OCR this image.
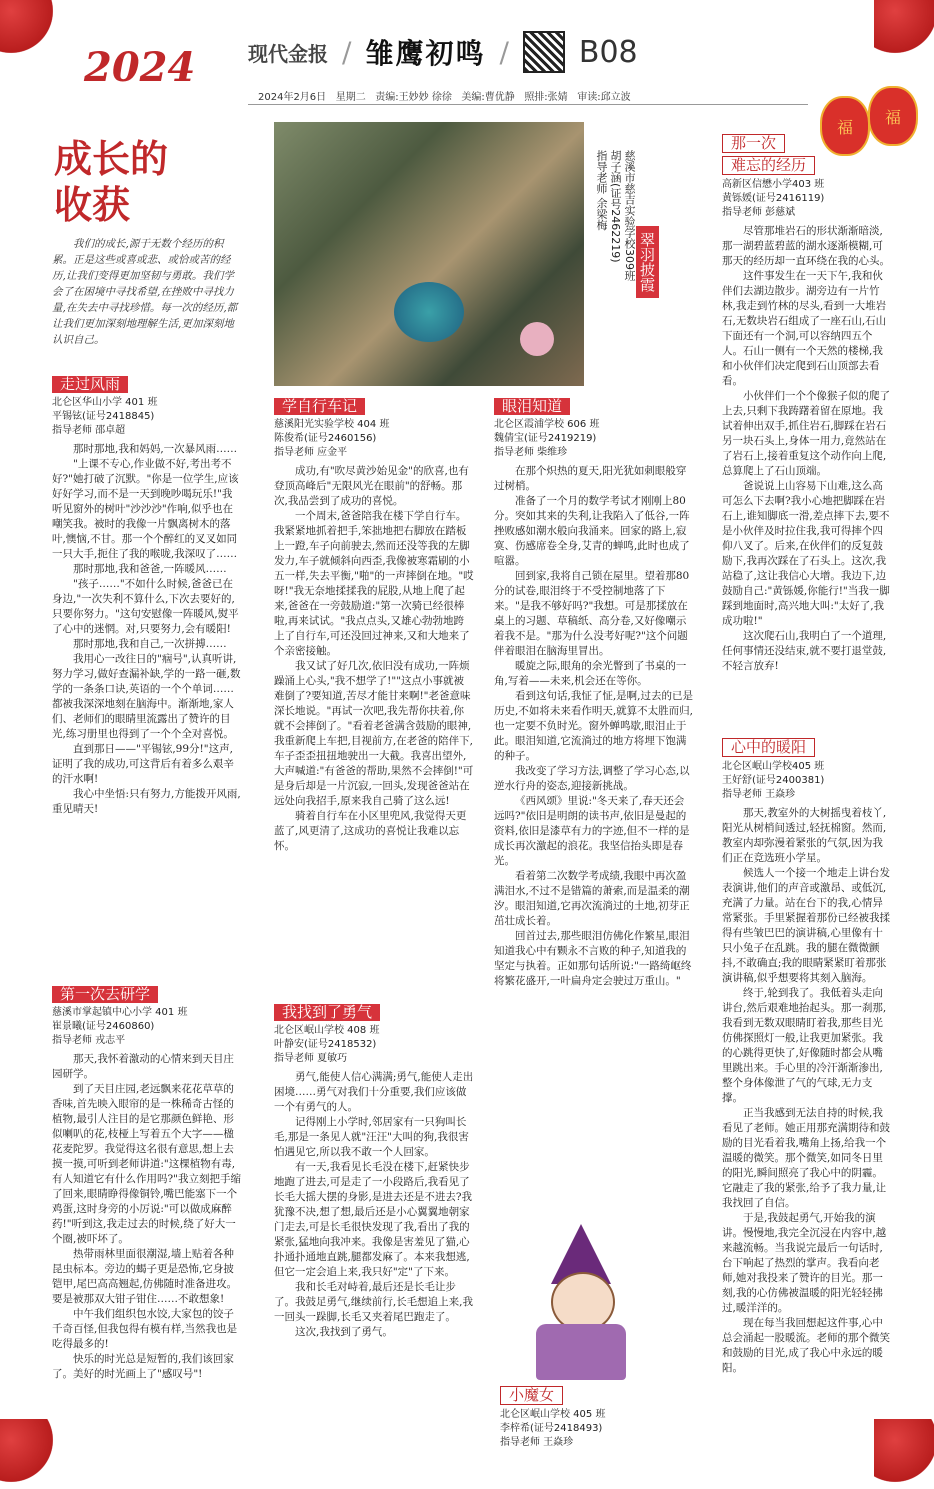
2024
福
福
现代金报 / 雏鹰初鸣 / B08
2024年2月6日 星期二 责编:王妙妙 徐徐 美编:曹优静 照排:张婧 审读:邱立波
成长的
收获
我们的成长,源于无数个经历的积累。正是这些或喜或悲、或恰或苦的经历,让我们变得更加坚韧与勇敢。我们学会了在困境中寻找希望,在挫败中寻找力量,在失去中寻找珍惜。每一次的经历,都让我们更加深刻地理解生活,更加深刻地认识自己。
走过风雨
北仑区华山小学 401 班
平锡铉(证号2418845)
指导老师 邵卓超

那时那地,我和妈妈,一次暴风雨……

"上课不专心,作业做不好,考出考不好?"她打破了沉默。"你是一位学生,应该好好学习,而不是一天到晚吵喝玩乐!"我听见窗外的树叶"沙沙沙"作响,似乎也在嘲笑我。被时的我像一片飘离树木的落叶,懊恼,不甘。那一个个醉红的叉叉如同一只大手,扼住了我的喉咙,我深叹了……

那时那地,我和爸爸,一阵暖风……

"孩子……"不如什么时候,爸爸已在身边,"一次失利不算什么,下次去要好的,只要你努力。"这句安慰像一阵暖风,熨平了心中的迷惘。对,只要努力,会有暖阳!

那时那地,我和自己,一次拼搏……

我用心一改往日的"痼号",认真听讲,努力学习,做好查漏补缺,学的一路一砸,数学的一条条口诀,英语的一个个单词……都被我深深地刻在脑海中。渐渐地,家人们、老师们的眼睛里流露出了赞许的目光,练习册里也得到了一个个全对喜悦。

直到那日——"平锡铉,99分!"这声,证明了我的成功,可这背后有着多么艰辛的汗水啊!

我心中坐悟:只有努力,方能拨开风雨,重见晴天!

第一次去研学
慈溪市掌起镇中心小学 401 班
崔景曦(证号2460860)
指导老师 戎志平

那天,我怀着激动的心情来到天目庄园研学。

到了天目庄园,老远飘来花花草草的香味,首先映入眼帘的是一株稀奇古怪的植物,最引人注目的是它那颜色鲜艳、形似喇叭的花,枝桠上写着五个大字——楹花麦陀罗。我觉得这名很有意思,想上去摸一摸,可听到老师讲道:"这棵植物有毒,有人知道它有什么作用吗?"我立刻把手缩了回来,眼睛睁得像铜铃,嘴巴能塞下一个鸡蛋,这时身旁的小厉说:"可以做成麻醉药!"听到这,我走过去的时候,绕了好大一个圈,被吓坏了。

热带雨林里面很潮湿,墙上贴着各种昆虫标本。旁边的蝎子更是恐怖,它身披铠甲,尾巴高高翘起,仿佛随时准备进攻。要是被那双大钳子钳住……不敢想象!

中午我们组织包水饺,大家包的饺子千奇百怪,但我包得有模有样,当然我也是吃得最多的!

快乐的时光总是短暂的,我们该回家了。美好的时光画上了"感叹号"!

慈溪市慈吉实验学校309班
胡子涵(证号2462219)
指导老师 余梁梅
翠羽披霞
学自行车记
慈溪阳光实验学校 404 班
陈俊希(证号2460156)
指导老师 应金平

成功,有"吹尽黄沙始见金"的欣喜,也有登顶高峰后"无限风光在眼前"的舒畅。那次,我品尝到了成功的喜悦。

一个周末,爸爸陪我在楼下学自行车。我紧紧地抓着把手,笨拙地把右脚放在踏板上一蹬,车子向前驶去,然而还没等我的左脚发力,车子就倾斜向西歪,我像被寒霜刷的小五一样,失去平衡,"啪"的一声摔倒在地。"哎呀!"我无奈地揉揉我的屁股,从地上爬了起来,爸爸在一旁鼓励道:"第一次骑已经很棒啦,再来试试。"我点点头,又雄心勃勃地跨上了自行车,可还没回过神来,又和大地来了个亲密接触。

我又试了好几次,依旧没有成功,一阵烦躁涌上心头,"我不想学了!""这点小事就被难倒了?要知道,苦尽才能甘来啊!"老爸意味深长地说。"再试一次吧,我先帮你扶着,你就不会摔倒了。"看着老爸满含鼓励的眼神,我重新爬上车把,目视前方,在老爸的陪伴下,车子歪歪扭扭地驶出一大截。我喜出望外,大声喊道:"有爸爸的帮助,果然不会摔倒!"可是身后却是一片沉寂,一回头,发现爸爸站在远处向我招手,原来我自己骑了这么远!

骑着自行车在小区里兜风,我觉得天更蓝了,风更清了,这成功的喜悦让我难以忘怀。

我找到了勇气
北仑区岷山学校 408 班
叶静安(证号2418532)
指导老师 夏敏巧

勇气,能使人信心满满;勇气,能使人走出困境……勇气对我们十分重要,我们应该做一个有勇气的人。

记得刚上小学时,邻居家有一只狗叫长毛,那是一条见人就"汪汪"大叫的狗,我很害怕遇见它,所以我不敢一个人回家。

有一天,我看见长毛没在楼下,赶紧快步地跑了进去,可是走了一小段路后,我看见了长毛大摇大摆的身影,是进去还是不进去?我犹豫不决,想了想,最后还是小心翼翼地朝家门走去,可是长毛很快发现了我,看出了我的紧张,猛地向我冲来。我像是害羞见了猫,心扑通扑通地直跳,腿都发麻了。本来我想逃,但它一定会追上来,我只好"定"了下来。

我和长毛对峙着,最后还是长毛让步了。我鼓足勇气,继续前行,长毛想追上来,我一回头一跺脚,长毛又夹着尾巴跑走了。

这次,我找到了勇气。

眼泪知道
北仑区霞浦学校 606 班
魏倩宝(证号2419219)
指导老师 柴维珍

在那个炽热的夏天,阳光犹如刺眼般穿过树梢。

准备了一个月的数学考试才刚刚上80分。突如其来的失利,让我陷入了低谷,一阵挫败感如潮水般向我涌来。回家的路上,寂寞、伤感席卷全身,艾青的蝉鸣,此时也成了喧嚣。

回到家,我将自己锁在屋里。望着那80分的试卷,眼泪终于不受控制地落了下来。"是我不够好吗?"我想。可是那揉放在桌上的习题、草稿纸、高分卷,又好像嘲示着我不是。"那为什么没考好呢?"这个问题伴着眼泪在脑海里冒出。

暖旋之际,眼角的余光瞥到了书桌的一角,写着——未来,机会还在等你。

看到这句话,我怔了怔,是啊,过去的已是历史,不如将未来看作明天,就算不太胜而归,也一定要不负时光。窗外蝉鸣歇,眼泪止于此。眼泪知道,它流淌过的地方将埋下饱满的种子。

我改变了学习方法,调整了学习心态,以逆水行舟的姿态,迎接新挑战。

《西风颂》里说:"冬天来了,春天还会远吗?"依旧是明朗的读书声,依旧是曼起的资料,依旧是漆草有力的字迹,但不一样的是成长再次激起的浪花。我坚信抬头即是春光。

看着第二次数学考成绩,我眼中再次盈满泪水,不过不是错篇的萧索,而是温柔的潮汐。眼泪知道,它再次流淌过的土地,初芽正茁壮成长着。

回首过去,那些眼泪仿佛化作繁星,眼泪知道我心中有颗永不言败的种子,知道我的坚定与执着。正如那句话所说:"一路绮岖终将繁花盛开,一叶扁舟定会驶过万重山。"

小魔女
北仑区岷山学校 405 班
李梓希(证号2418493)
指导老师 王焱珍
那一次
难忘的经历
高新区信懋小学403 班
黄铄媛(证号2416119)
指导老师 彭慈斌

尽管那堆岩石的形状渐渐暗淡,那一湖碧蓝碧蓝的湖水逐渐模糊,可那天的经历却一直环绕在我的心头。

这件事发生在一天下午,我和伙伴们去湖边散步。湖旁边有一片竹林,我走到竹林的尽头,看到一大堆岩石,无数块岩石组成了一座石山,石山下面还有一个洞,可以容纳四五个人。石山一侧有一个天然的楼梯,我和小伙伴们决定爬到石山顶部去看看。

小伙伴们一个个像猴子似的爬了上去,只剩下我踌躇着留在原地。我试着伸出双手,抓住岩石,脚踩在岩石另一块石头上,身体一用力,竟然站在了岩石上,接着重复这个动作向上爬,总算爬上了石山顶端。

爸说说上山容易下山难,这么高可怎么下去啊?我小心地把脚踩在岩石上,谁知脚底一滑,差点摔下去,要不是小伙伴及时拉住我,我可得摔个四仰八叉了。后来,在伙伴们的反复鼓励下,我再次踩在了石头上。这次,我站稳了,这让我信心大增。我边下,边鼓励自己:"黄铄媛,你能行!"当我一脚踩到地面时,高兴地大叫:"太好了,我成功啦!"

这次爬石山,我明白了一个道理,任何事情还没结束,就不要打退堂鼓,不轻言放弃!

心中的暖阳
北仑区岷山学校405 班
王好舒(证号2400381)
指导老师 王焱珍

那天,教室外的大树摇曳着枝丫,阳光从树梢间透过,轻抚棉窗。然而,教室内却弥漫着紧张的气氛,因为我们正在竞选班小学星。

候选人一个接一个地走上讲台发表演讲,他们的声音或激昂、或低沉,充满了力量。站在台下的我,心情异常紧张。手里紧握着那份已经被我揉得有些皱巴巴的演讲稿,心里像有十只小兔子在乱跳。我的腿在微微颤抖,不敢确直;我的眼睛紧紧盯着那张演讲稿,似乎想要将其刻入脑海。

终于,轮到我了。我低着头走向讲台,然后艰难地抬起头。那一刹那,我看到无数双眼睛盯着我,那些目光仿佛探照灯一般,让我更加紧张。我的心跳得更快了,好像随时都会从嘴里跳出来。手心里的冷汗渐渐渗出,整个身体像泄了气的气球,无力支撑。

正当我感到无法自持的时候,我看见了老师。她正用那充满期待和鼓励的目光看着我,嘴角上扬,给我一个温暖的微笑。那个微笑,如同冬日里的阳光,瞬间照亮了我心中的阴霾。它融走了我的紧张,给予了我力量,让我找回了自信。

于是,我鼓起勇气,开始我的演讲。慢慢地,我完全沉浸在内容中,越来越流畅。当我说完最后一句话时,台下响起了热烈的掌声。我看向老师,她对我投来了赞许的目光。那一刻,我的心仿佛被温暖的阳光轻轻拂过,暖洋洋的。

现在每当我回想起这件事,心中总会涌起一股暖流。老师的那个微笑和鼓励的目光,成了我心中永远的暖阳。
